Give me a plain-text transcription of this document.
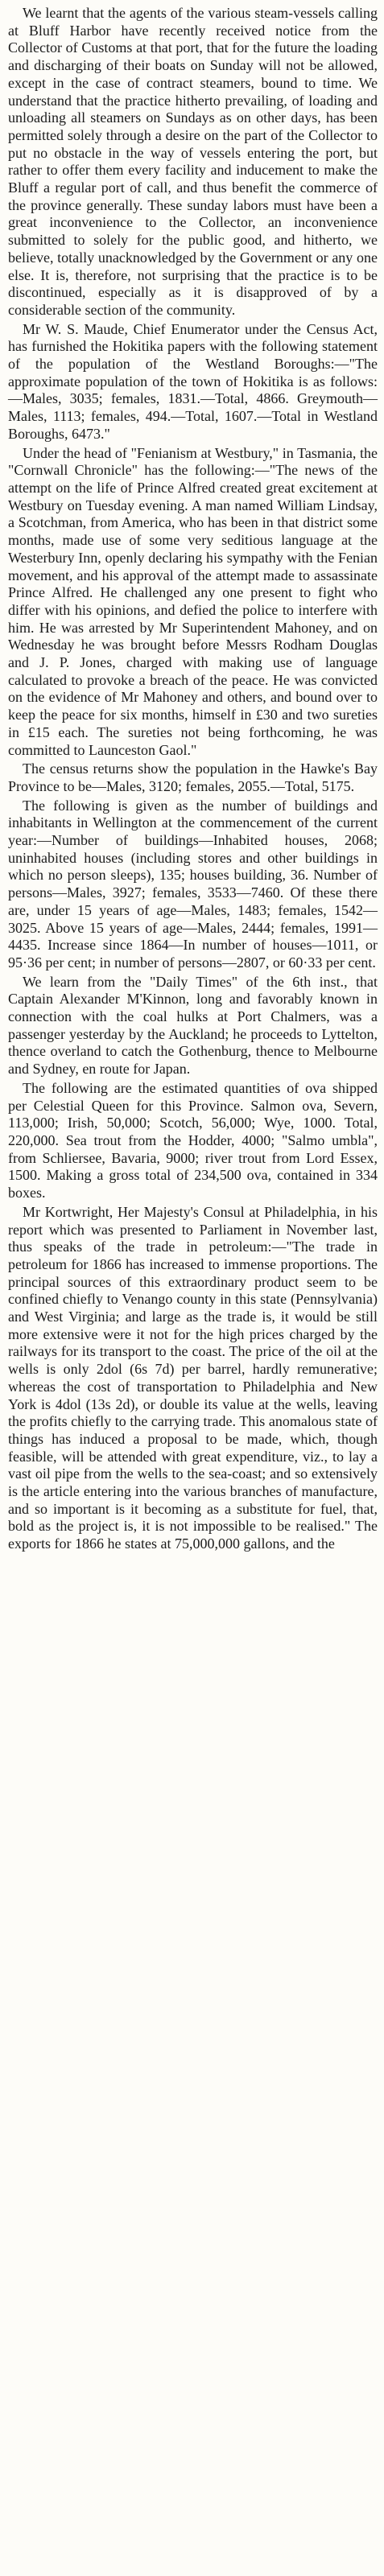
We learnt that the agents of the various steam-vessels calling at Bluff Harbor have recently received notice from the Collector of Customs at that port, that for the future the loading and discharging of their boats on Sunday will not be allowed, except in the case of contract steamers, bound to time. We understand that the practice hitherto prevailing, of loading and unloading all steamers on Sundays as on other days, has been permitted solely through a desire on the part of the Collector to put no obstacle in the way of vessels entering the port, but rather to offer them every facility and inducement to make the Bluff a regular port of call, and thus benefit the commerce of the province generally. These sunday labors must have been a great inconvenience to the Collector, an inconvenience submitted to solely for the public good, and hitherto, we believe, totally unacknowledged by the Government or any one else. It is, therefore, not surprising that the practice is to be discontinued, especially as it is disapproved of by a considerable section of the community.

Mr W. S. Maude, Chief Enumerator under the Census Act, has furnished the Hokitika papers with the following statement of the population of the Westland Boroughs:—"The approximate population of the town of Hokitika is as follows:—Males, 3035; females, 1831.—Total, 4866. Greymouth—Males, 1113; females, 494.—Total, 1607.—Total in Westland Boroughs, 6473."

Under the head of "Fenianism at Westbury," in Tasmania, the "Cornwall Chronicle" has the following:—"The news of the attempt on the life of Prince Alfred created great excitement at Westbury on Tuesday evening. A man named William Lindsay, a Scotchman, from America, who has been in that district some months, made use of some very seditious language at the Westerbury Inn, openly declaring his sympathy with the Fenian movement, and his approval of the attempt made to assassinate Prince Alfred. He challenged any one present to fight who differ with his opinions, and defied the police to interfere with him. He was arrested by Mr Superintendent Mahoney, and on Wednesday he was brought before Messrs Rodham Douglas and J. P. Jones, charged with making use of language calculated to provoke a breach of the peace. He was convicted on the evidence of Mr Mahoney and others, and bound over to keep the peace for six months, himself in £30 and two sureties in £15 each. The sureties not being forthcoming, he was committed to Launceston Gaol."

The census returns show the population in the Hawke's Bay Province to be—Males, 3120; females, 2055.—Total, 5175.

The following is given as the number of buildings and inhabitants in Wellington at the commencement of the current year:—Number of buildings—Inhabited houses, 2068; uninhabited houses (including stores and other buildings in which no person sleeps), 135; houses building, 36. Number of persons—Males, 3927; females, 3533—7460. Of these there are, under 15 years of age—Males, 1483; females, 1542—3025. Above 15 years of age—Males, 2444; females, 1991—4435. Increase since 1864—In number of houses—1011, or 95·36 per cent; in number of persons—2807, or 60·33 per cent.

We learn from the "Daily Times" of the 6th inst., that Captain Alexander M'Kinnon, long and favorably known in connection with the coal hulks at Port Chalmers, was a passenger yesterday by the Auckland; he proceeds to Lyttelton, thence overland to catch the Gothenburg, thence to Melbourne and Sydney, en route for Japan.

The following are the estimated quantities of ova shipped per Celestial Queen for this Province. Salmon ova, Severn, 113,000; Irish, 50,000; Scotch, 56,000; Wye, 1000. Total, 220,000. Sea trout from the Hodder, 4000; "Salmo umbla", from Schliersee, Bavaria, 9000; river trout from Lord Essex, 1500. Making a gross total of 234,500 ova, contained in 334 boxes.

Mr Kortwright, Her Majesty's Consul at Philadelphia, in his report which was presented to Parliament in November last, thus speaks of the trade in petroleum:—"The trade in petroleum for 1866 has increased to immense proportions. The principal sources of this extraordinary product seem to be confined chiefly to Venango county in this state (Pennsylvania) and West Virginia; and large as the trade is, it would be still more extensive were it not for the high prices charged by the railways for its transport to the coast. The price of the oil at the wells is only 2dol (6s 7d) per barrel, hardly remunerative; whereas the cost of transportation to Philadelphia and New York is 4dol (13s 2d), or double its value at the wells, leaving the profits chiefly to the carrying trade. This anomalous state of things has induced a proposal to be made, which, though feasible, will be attended with great expenditure, viz., to lay a vast oil pipe from the wells to the sea-coast; and so extensively is the article entering into the various branches of manufacture, and so important is it becoming as a substitute for fuel, that, bold as the project is, it is not impossible to be realised." The exports for 1866 he states at 75,000,000 gallons, and the
